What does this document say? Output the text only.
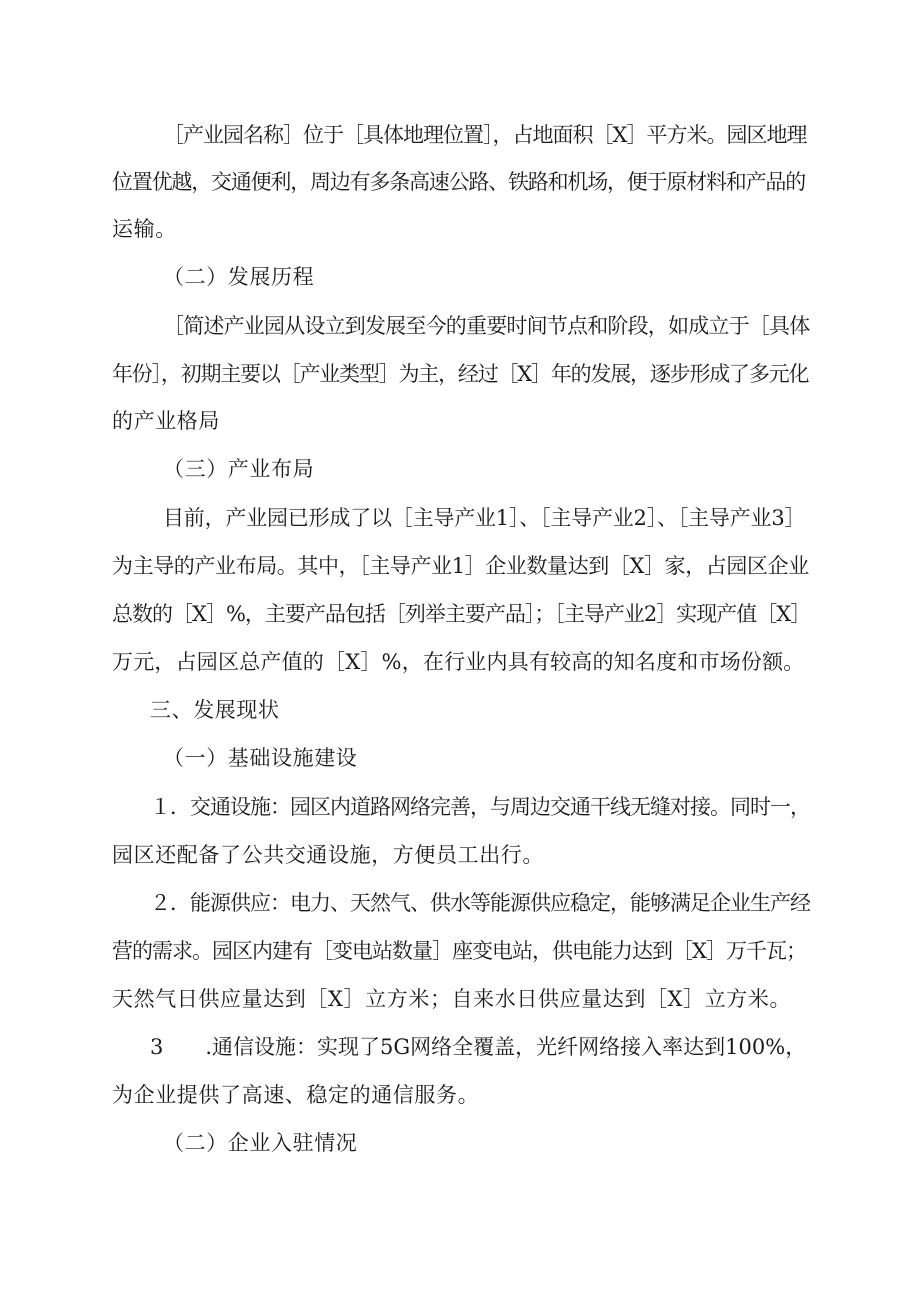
［产业园名称］位于［具体地理位置］，占地面积［X］平方米。园区地理
位置优越，交通便利，周边有多条高速公路、铁路和机场，便于原材料和产品的
运输。
（二）发展历程
［简述产业园从设立到发展至今的重要时间节点和阶段，如成立于［具体
年份］，初期主要以［产业类型］为主，经过［X］年的发展，逐步形成了多元化
的产业格局
（三）产业布局
目前，产业园已形成了以［主导产业1］、［主导产业2］、［主导产业3］
为主导的产业布局。其中，［主导产业1］企业数量达到［X］家，占园区企业
总数的［X］%，主要产品包括［列举主要产品］；［主导产业2］实现产值［X］
万元，占园区总产值的［X］%，在行业内具有较高的知名度和市场份额。
三、发展现状
（一）基础设施建设
１．交通设施：园区内道路网络完善，与周边交通干线无缝对接。同时一，
园区还配备了公共交通设施，方便员工出行。
２．能源供应：电力、天然气、供水等能源供应稳定，能够满足企业生产经
营的需求。园区内建有［变电站数量］座变电站，供电能力达到［X］万千瓦；
天然气日供应量达到［X］立方米；自来水日供应量达到［X］立方米。
3　　.通信设施：实现了5G网络全覆盖，光纤网络接入率达到100%，
为企业提供了高速、稳定的通信服务。
（二）企业入驻情况
